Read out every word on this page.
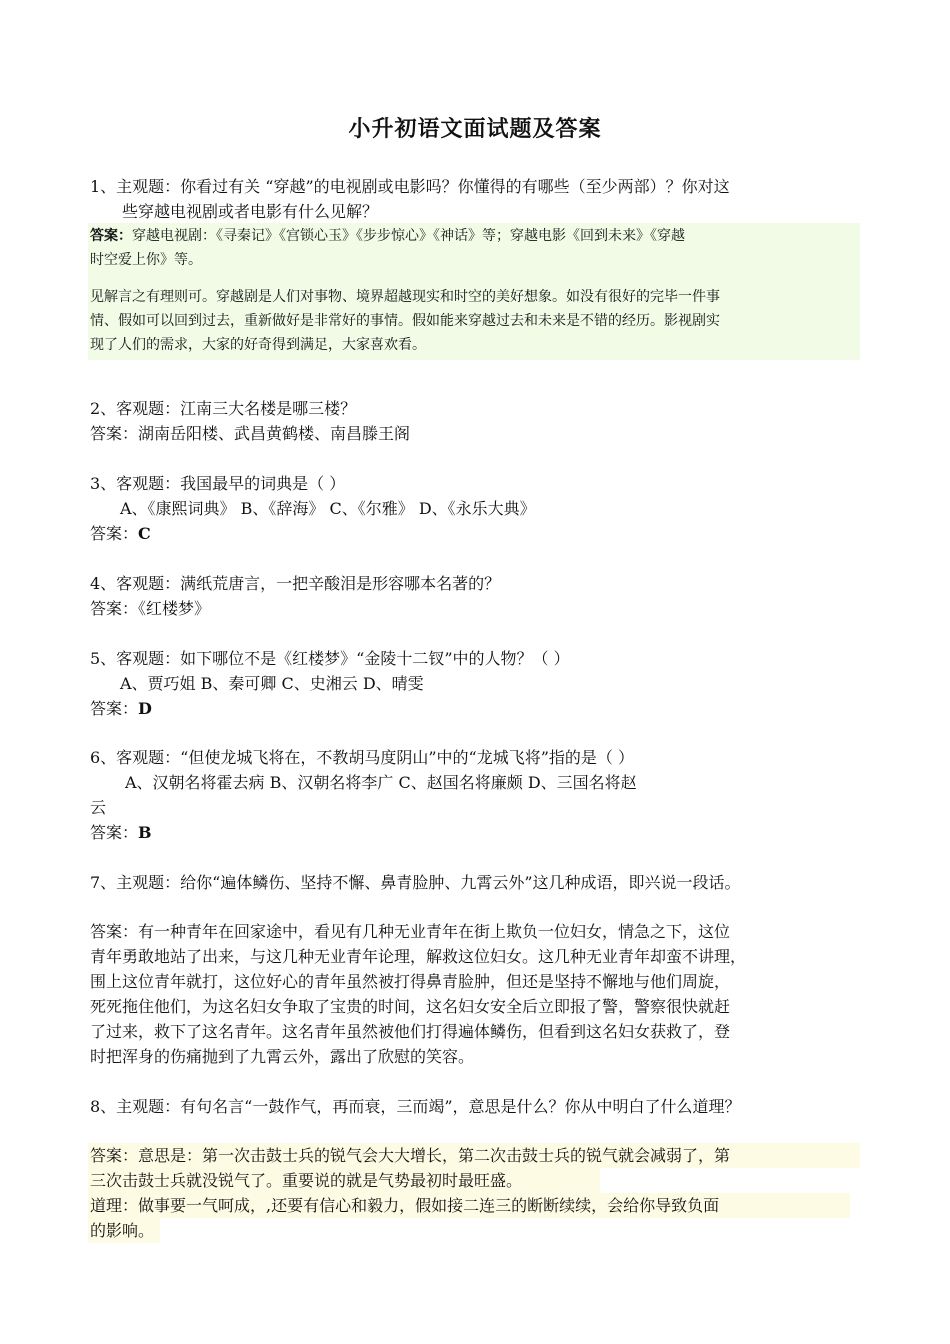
小升初语文面试题及答案
1、主观题：你看过有关 “穿越”的电视剧或电影吗？你懂得的有哪些（至少两部）？你对这
些穿越电视剧或者电影有什么见解？
答案：穿越电视剧：《寻秦记》《宫锁心玉》《步步惊心》《神话》等；穿越电影《回到未来》《穿越
时空爱上你》等。
见解言之有理则可。穿越剧是人们对事物、境界超越现实和时空的美好想象。如没有很好的完毕一件事
情、假如可以回到过去，重新做好是非常好的事情。假如能来穿越过去和未来是不错的经历。影视剧实
现了人们的需求，大家的好奇得到满足，大家喜欢看。
2、客观题：江南三大名楼是哪三楼？
答案：湖南岳阳楼、武昌黄鹤楼、南昌滕王阁
3、客观题：我国最早的词典是（ ）
A、《康熙词典》 B、《辞海》 C、《尔雅》 D、《永乐大典》
答案：C
4、客观题：满纸荒唐言，一把辛酸泪是形容哪本名著的？
答案：《红楼梦》
5、客观题：如下哪位不是《红楼梦》“金陵十二钗”中的人物？（ ）
A、贾巧姐 B、秦可卿 C、史湘云 D、晴雯
答案：D
6、客观题：“但使龙城飞将在，不教胡马度阴山”中的“龙城飞将”指的是（ ）
A、汉朝名将霍去病 B、汉朝名将李广 C、赵国名将廉颇 D、三国名将赵
云
答案：B
7、主观题：给你“遍体鳞伤、坚持不懈、鼻青脸肿、九霄云外”这几种成语，即兴说一段话。
答案：有一种青年在回家途中，看见有几种无业青年在街上欺负一位妇女，情急之下，这位
青年勇敢地站了出来，与这几种无业青年论理，解救这位妇女。这几种无业青年却蛮不讲理，
围上这位青年就打，这位好心的青年虽然被打得鼻青脸肿，但还是坚持不懈地与他们周旋，
死死拖住他们，为这名妇女争取了宝贵的时间，这名妇女安全后立即报了警，警察很快就赶
了过来，救下了这名青年。这名青年虽然被他们打得遍体鳞伤，但看到这名妇女获救了，登
时把浑身的伤痛抛到了九霄云外，露出了欣慰的笑容。
8、主观题：有句名言“一鼓作气，再而衰，三而竭”，意思是什么？你从中明白了什么道理？
答案：意思是：第一次击鼓士兵的锐气会大大增长，第二次击鼓士兵的锐气就会减弱了，第
三次击鼓士兵就没锐气了。重要说的就是气势最初时最旺盛。
道理：做事要一气呵成，,还要有信心和毅力，假如接二连三的断断续续，会给你导致负面
的影响。
